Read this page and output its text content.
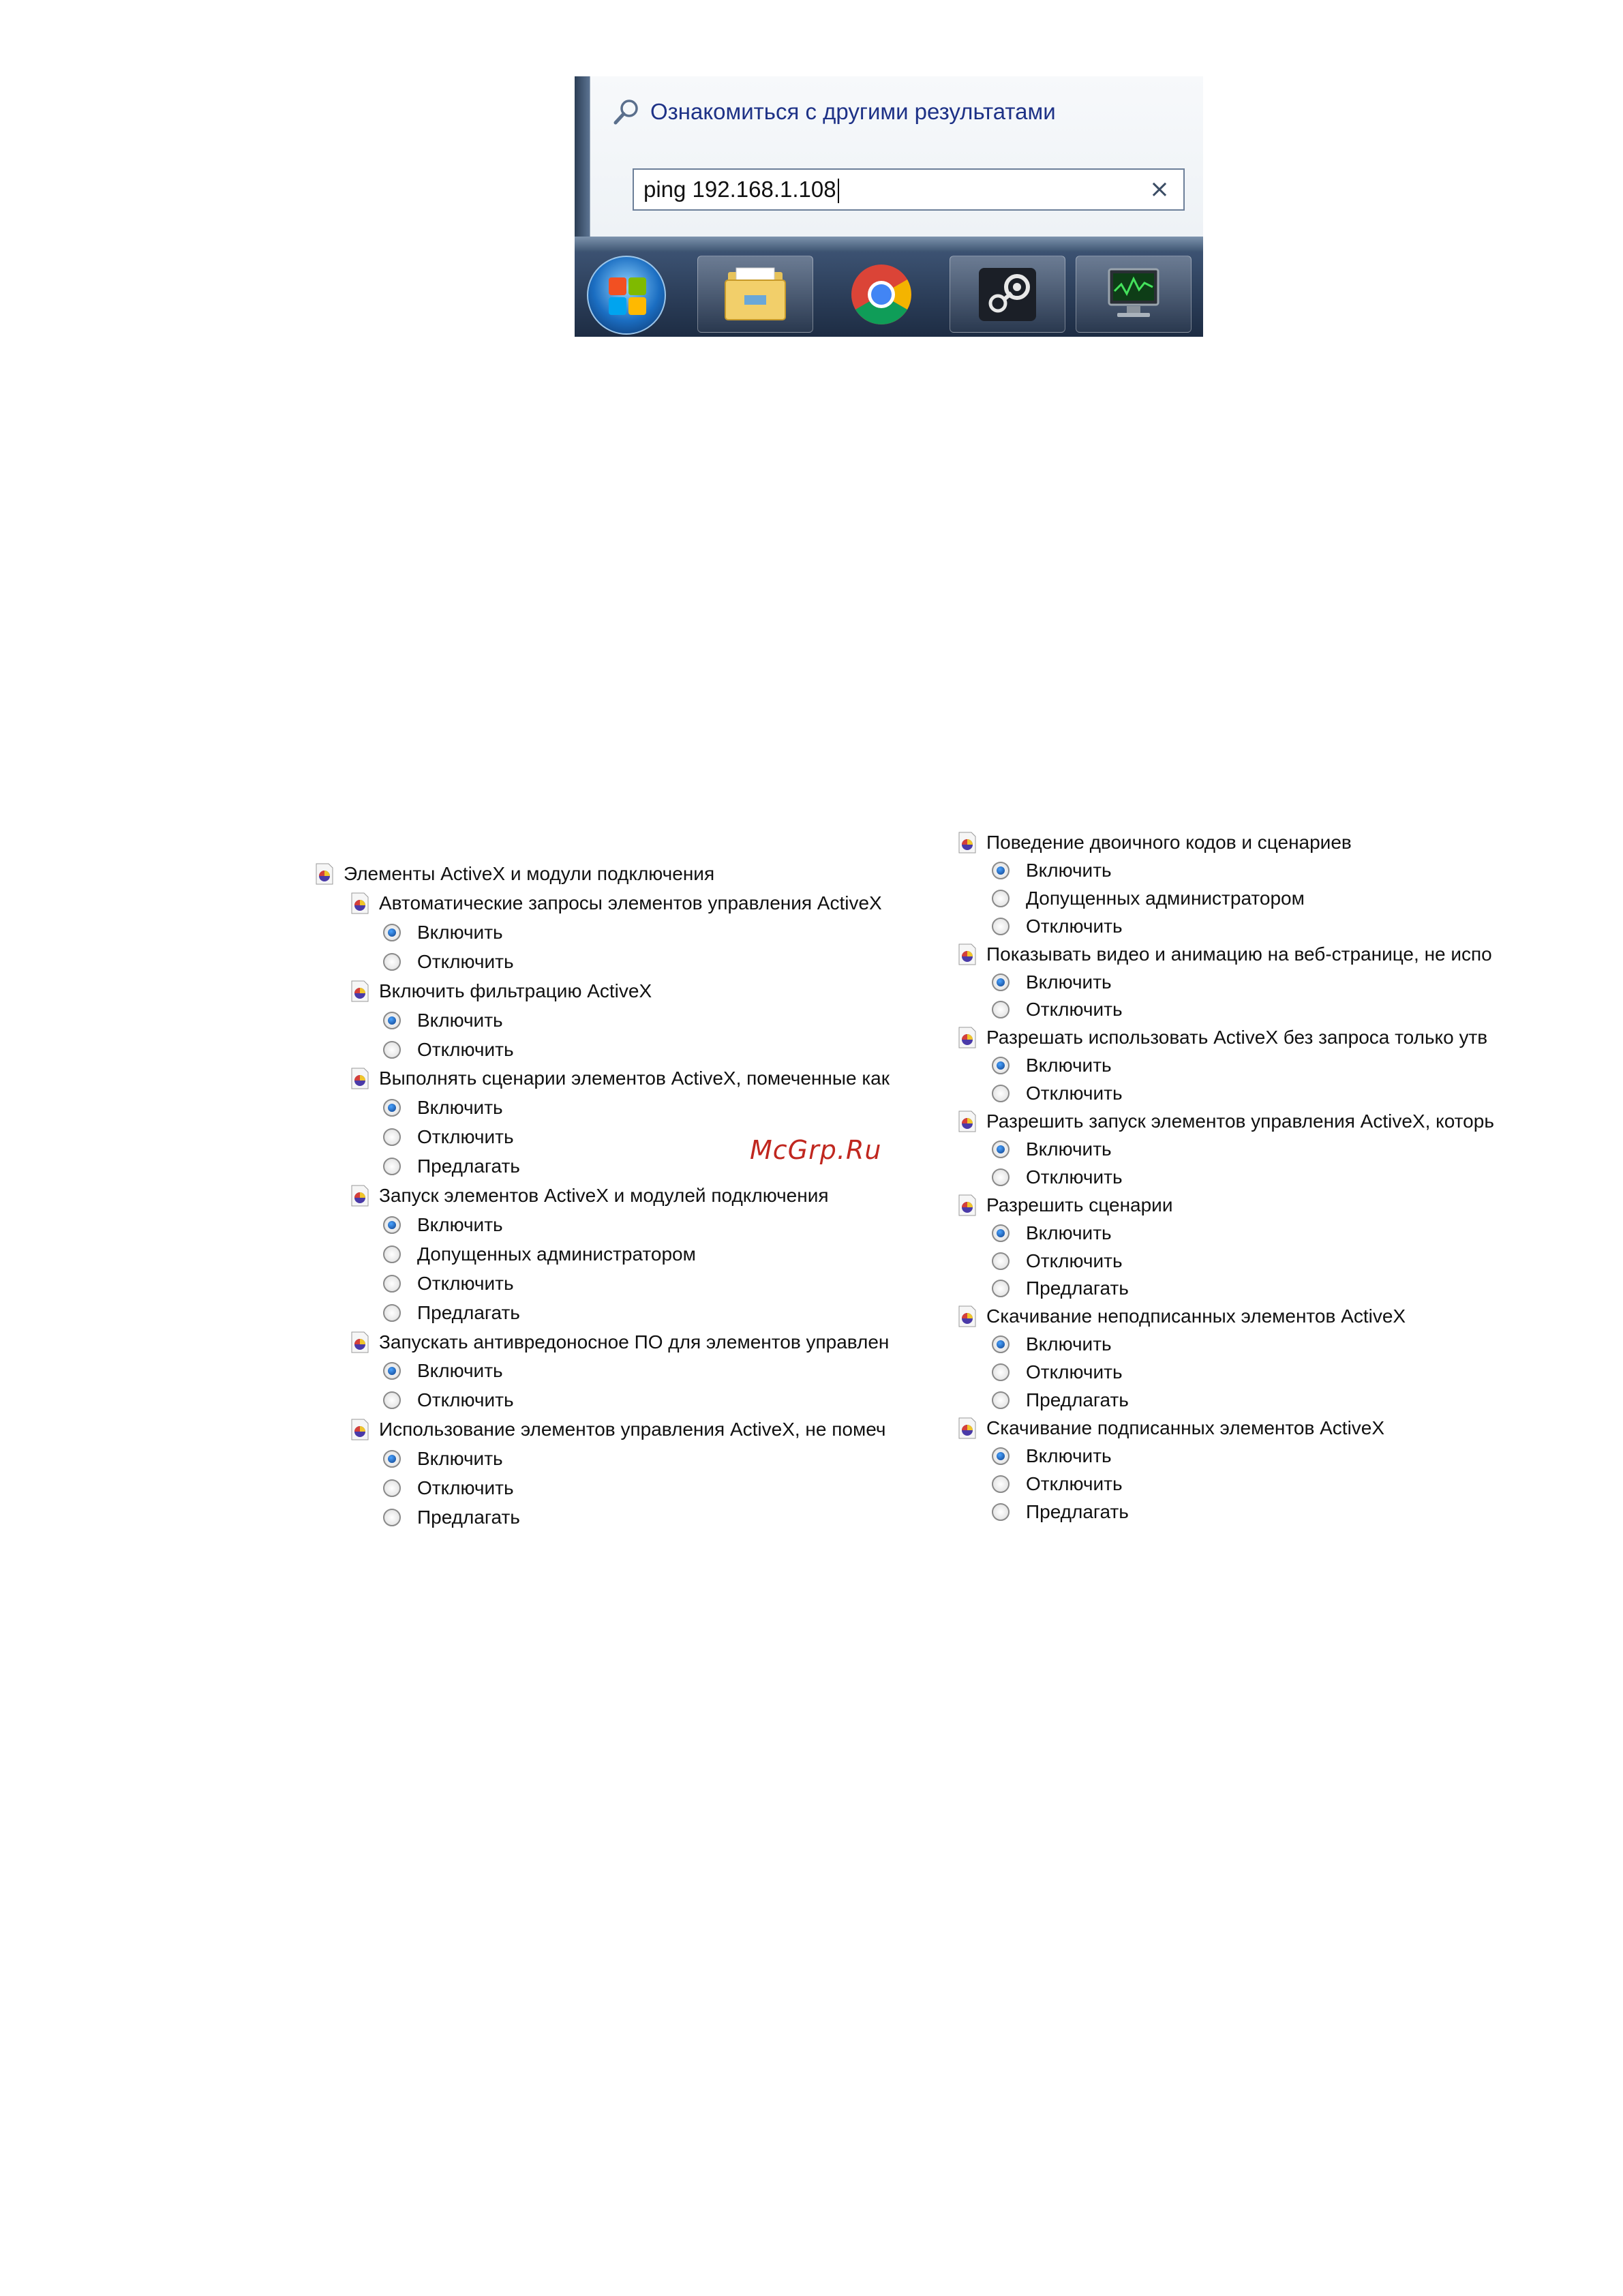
Ознакомиться с другими результатами
ping 192.168.1.108	×
Элементы ActiveX и модули подключения
Автоматические запросы элементов управления ActiveX
Включить
Отключить
Включить фильтрацию ActiveX
Включить
Отключить
Выполнять сценарии элементов ActiveX, помеченные как
Включить
Отключить
Предлагать
Запуск элементов ActiveX и модулей подключения
Включить
Допущенных администратором
Отключить
Предлагать
Запускать антивредоносное ПО для элементов управлен
Включить
Отключить
Использование элементов управления ActiveX, не помеч
Включить
Отключить
Предлагать
Поведение двоичного кодов и сценариев
Включить
Допущенных администратором
Отключить
Показывать видео и анимацию на веб-странице, не испо
Включить
Отключить
Разрешать использовать ActiveX без запроса только утв
Включить
Отключить
Разрешить запуск элементов управления ActiveX, которь
Включить
Отключить
Разрешить сценарии
Включить
Отключить
Предлагать
Скачивание неподписанных элементов ActiveX
Включить
Отключить
Предлагать
Скачивание подписанных элементов ActiveX
Включить
Отключить
Предлагать
McGrp.Ru
